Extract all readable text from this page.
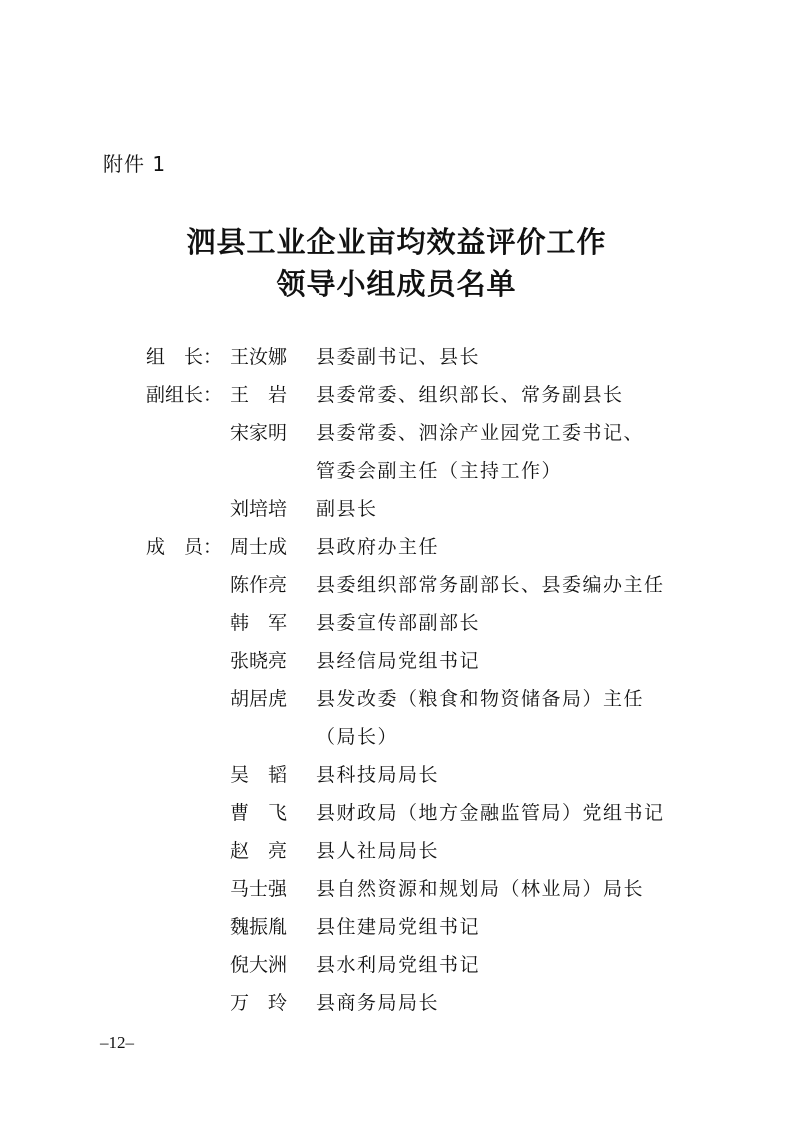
附件 1
泗县工业企业亩均效益评价工作
领导小组成员名单
组　长： 王汝娜	县委副书记、县长
副组长： 王　岩	县委常委、组织部长、常务副县长
宋家明	县委常委、泗涂产业园党工委书记、
管委会副主任（主持工作）
刘培培	副县长
成　员： 周士成	县政府办主任
陈作亮	县委组织部常务副部长、县委编办主任
韩　军	县委宣传部副部长
张晓亮	县经信局党组书记
胡居虎	县发改委（粮食和物资储备局）主任
（局长）
吴　韬	县科技局局长
曹　飞	县财政局（地方金融监管局）党组书记
赵　亮	县人社局局长
马士强	县自然资源和规划局（林业局）局长
魏振胤	县住建局党组书记
倪大洲	县水利局党组书记
万　玲	县商务局局长
–12–
